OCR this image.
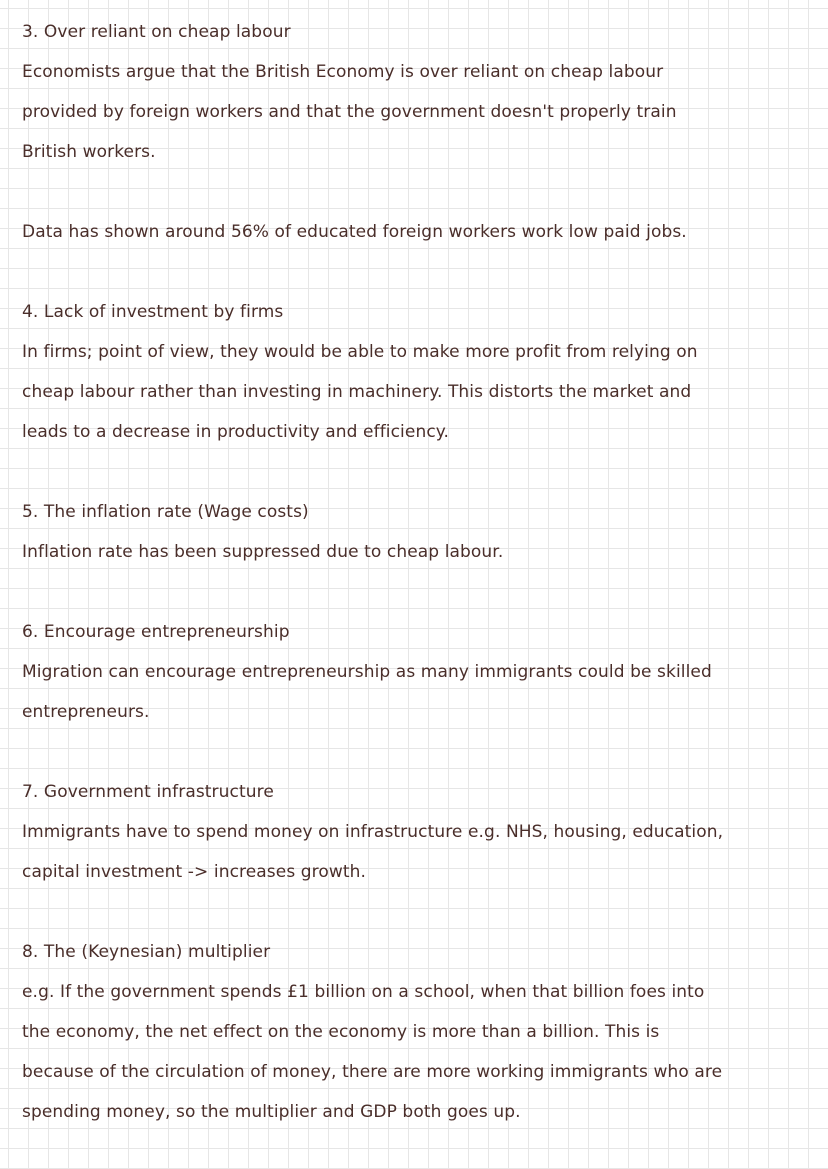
3. Over reliant on cheap labour
Economists argue that the British Economy is over reliant on cheap labour
provided by foreign workers and that the government doesn't properly train
British workers.
Data has shown around 56% of educated foreign workers work low paid jobs.
4. Lack of investment by firms
In firms; point of view, they would be able to make more profit from relying on
cheap labour rather than investing in machinery. This distorts the market and
leads to a decrease in productivity and efficiency.
5. The inflation rate (Wage costs)
Inflation rate has been suppressed due to cheap labour.
6. Encourage entrepreneurship
Migration can encourage entrepreneurship as many immigrants could be skilled
entrepreneurs.
7. Government infrastructure
Immigrants have to spend money on infrastructure e.g. NHS, housing, education,
capital investment -> increases growth.
8. The (Keynesian) multiplier
e.g. If the government spends £1 billion on a school, when that billion foes into
the economy, the net effect on the economy is more than a billion. This is
because of the circulation of money, there are more working immigrants who are
spending money, so the multiplier and GDP both goes up.
